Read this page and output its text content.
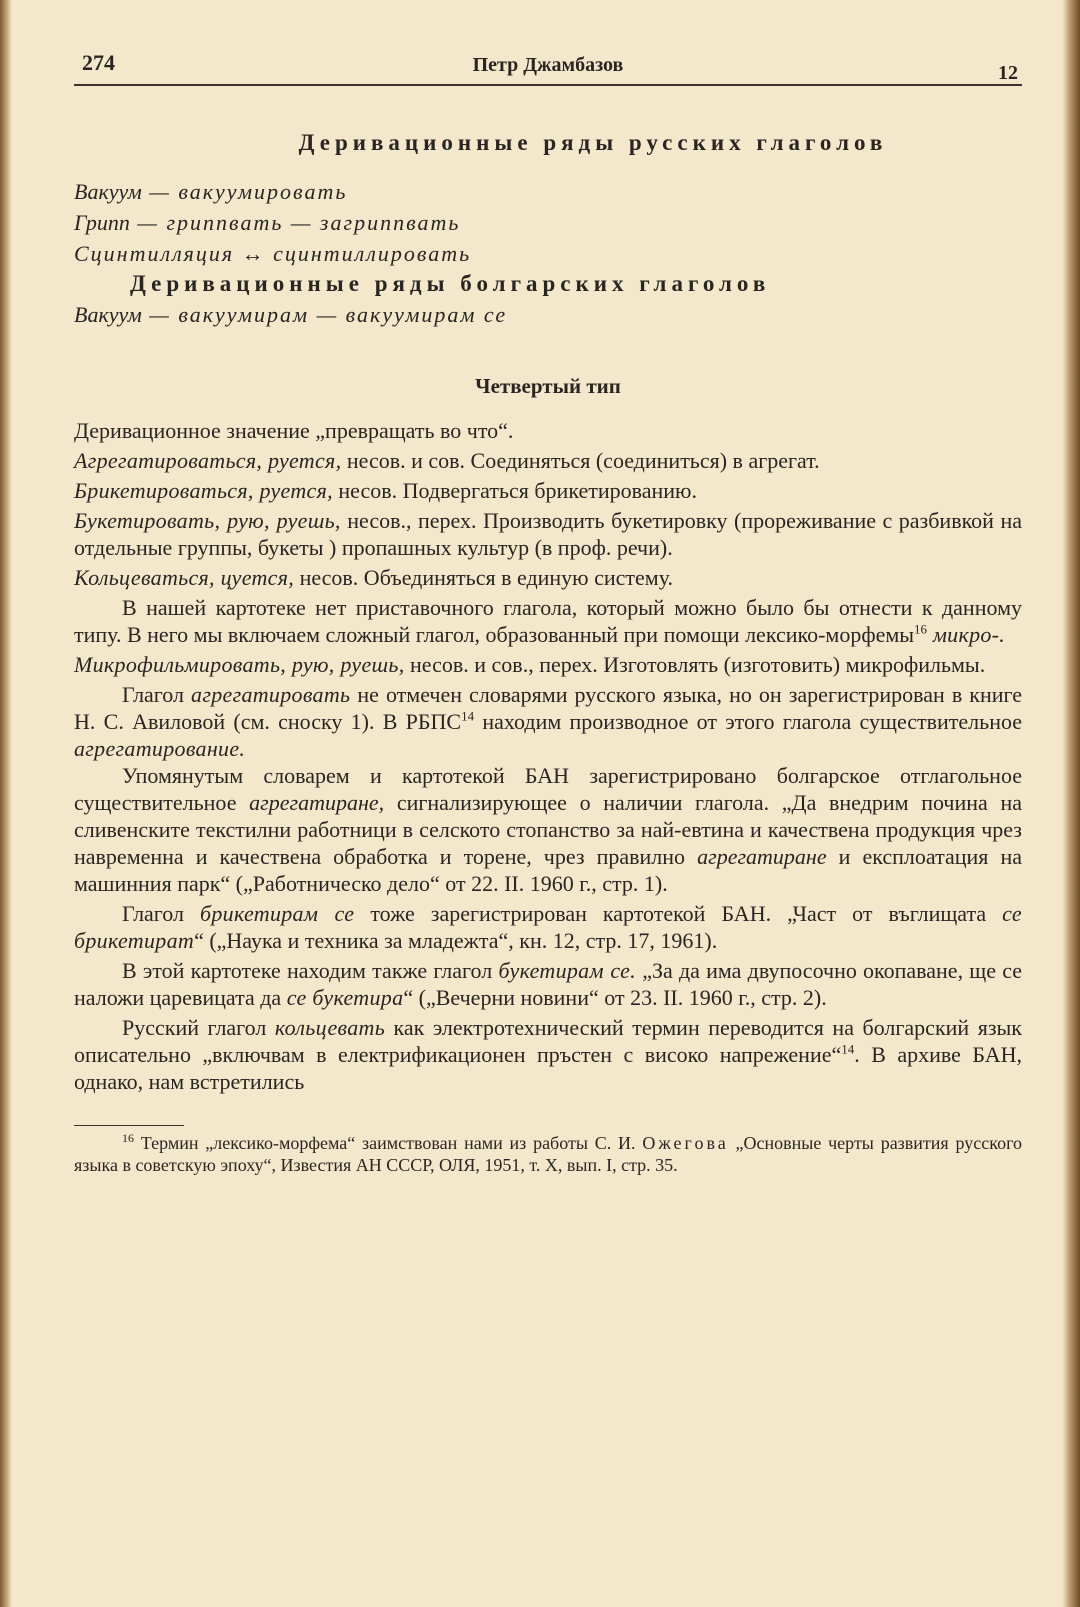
274	Петр Джамбазов	12
Деривационные ряды русских глаголов

Вакуум — вакуумировать

Грипп — гриппвать — загриппвать

Сцинтилляция ↔ сцинтиллировать

Деривационные ряды болгарских глаголов

Вакуум — вакуумирам — вакуумирам се

Четвертый тип

Деривационное значение „превращать во что“.

Агрегатироваться, руется, несов. и сов. Соединяться (соединиться) в агрегат.

Брикетироваться, руется, несов. Подвергаться брикетированию.

Букетировать, рую, руешь, несов., перех. Производить букетировку (прореживание с разбивкой на отдельные группы, букеты ) пропашных культур (в проф. речи).

Кольцеваться, цуется, несов. Объединяться в единую систему.

В нашей картотеке нет приставочного глагола, который можно было бы отнести к данному типу. В него мы включаем сложный глагол, образованный при помощи лексико-морфемы$^{16}$ микро-.

Микрофильмировать, рую, руешь, несов. и сов., перех. Изготовлять (изготовить) микрофильмы.

Глагол агрегатировать не отмечен словарями русского языка, но он зарегистрирован в книге Н. С. Авиловой (см. сноску 1). В РБПС$^{14}$ находим производное от этого глагола существительное агрегатирование.

Упомянутым словарем и картотекой БАН зарегистрировано болгарское отглагольное существительное агрегатиране, сигнализирующее о наличии глагола. „Да внедрим почина на сливенските текстилни работници в селското стопанство за най-евтина и качествена продукция чрез навременна и качествена обработка и торене, чрез правилно агрегатиране и експлоатация на машинния парк“ („Работническо дело“ от 22. II. 1960 г., стр. 1).

Глагол брикетирам се тоже зарегистрирован картотекой БАН. „Част от въглищата се брикетират“ („Наука и техника за младежта“, кн. 12, стр. 17, 1961).

В этой картотеке находим также глагол букетирам се. „За да има двупосочно окопаване, ще се наложи царевицата да се букетира“ („Вечерни новини“ от 23. II. 1960 г., стр. 2).

Русский глагол кольцевать как электротехнический термин переводится на болгарский язык описательно „включвам в електрификационен пръстен с високо напрежение“$^{14}$. В архиве БАН, однако, нам встретились

$^{16}$ Термин „лексико-морфема“ заимствован нами из работы С. И. Ожегова „Основные черты развития русского языка в советскую эпоху“, Известия АН СССР, ОЛЯ, 1951, т. X, вып. I, стр. 35.
